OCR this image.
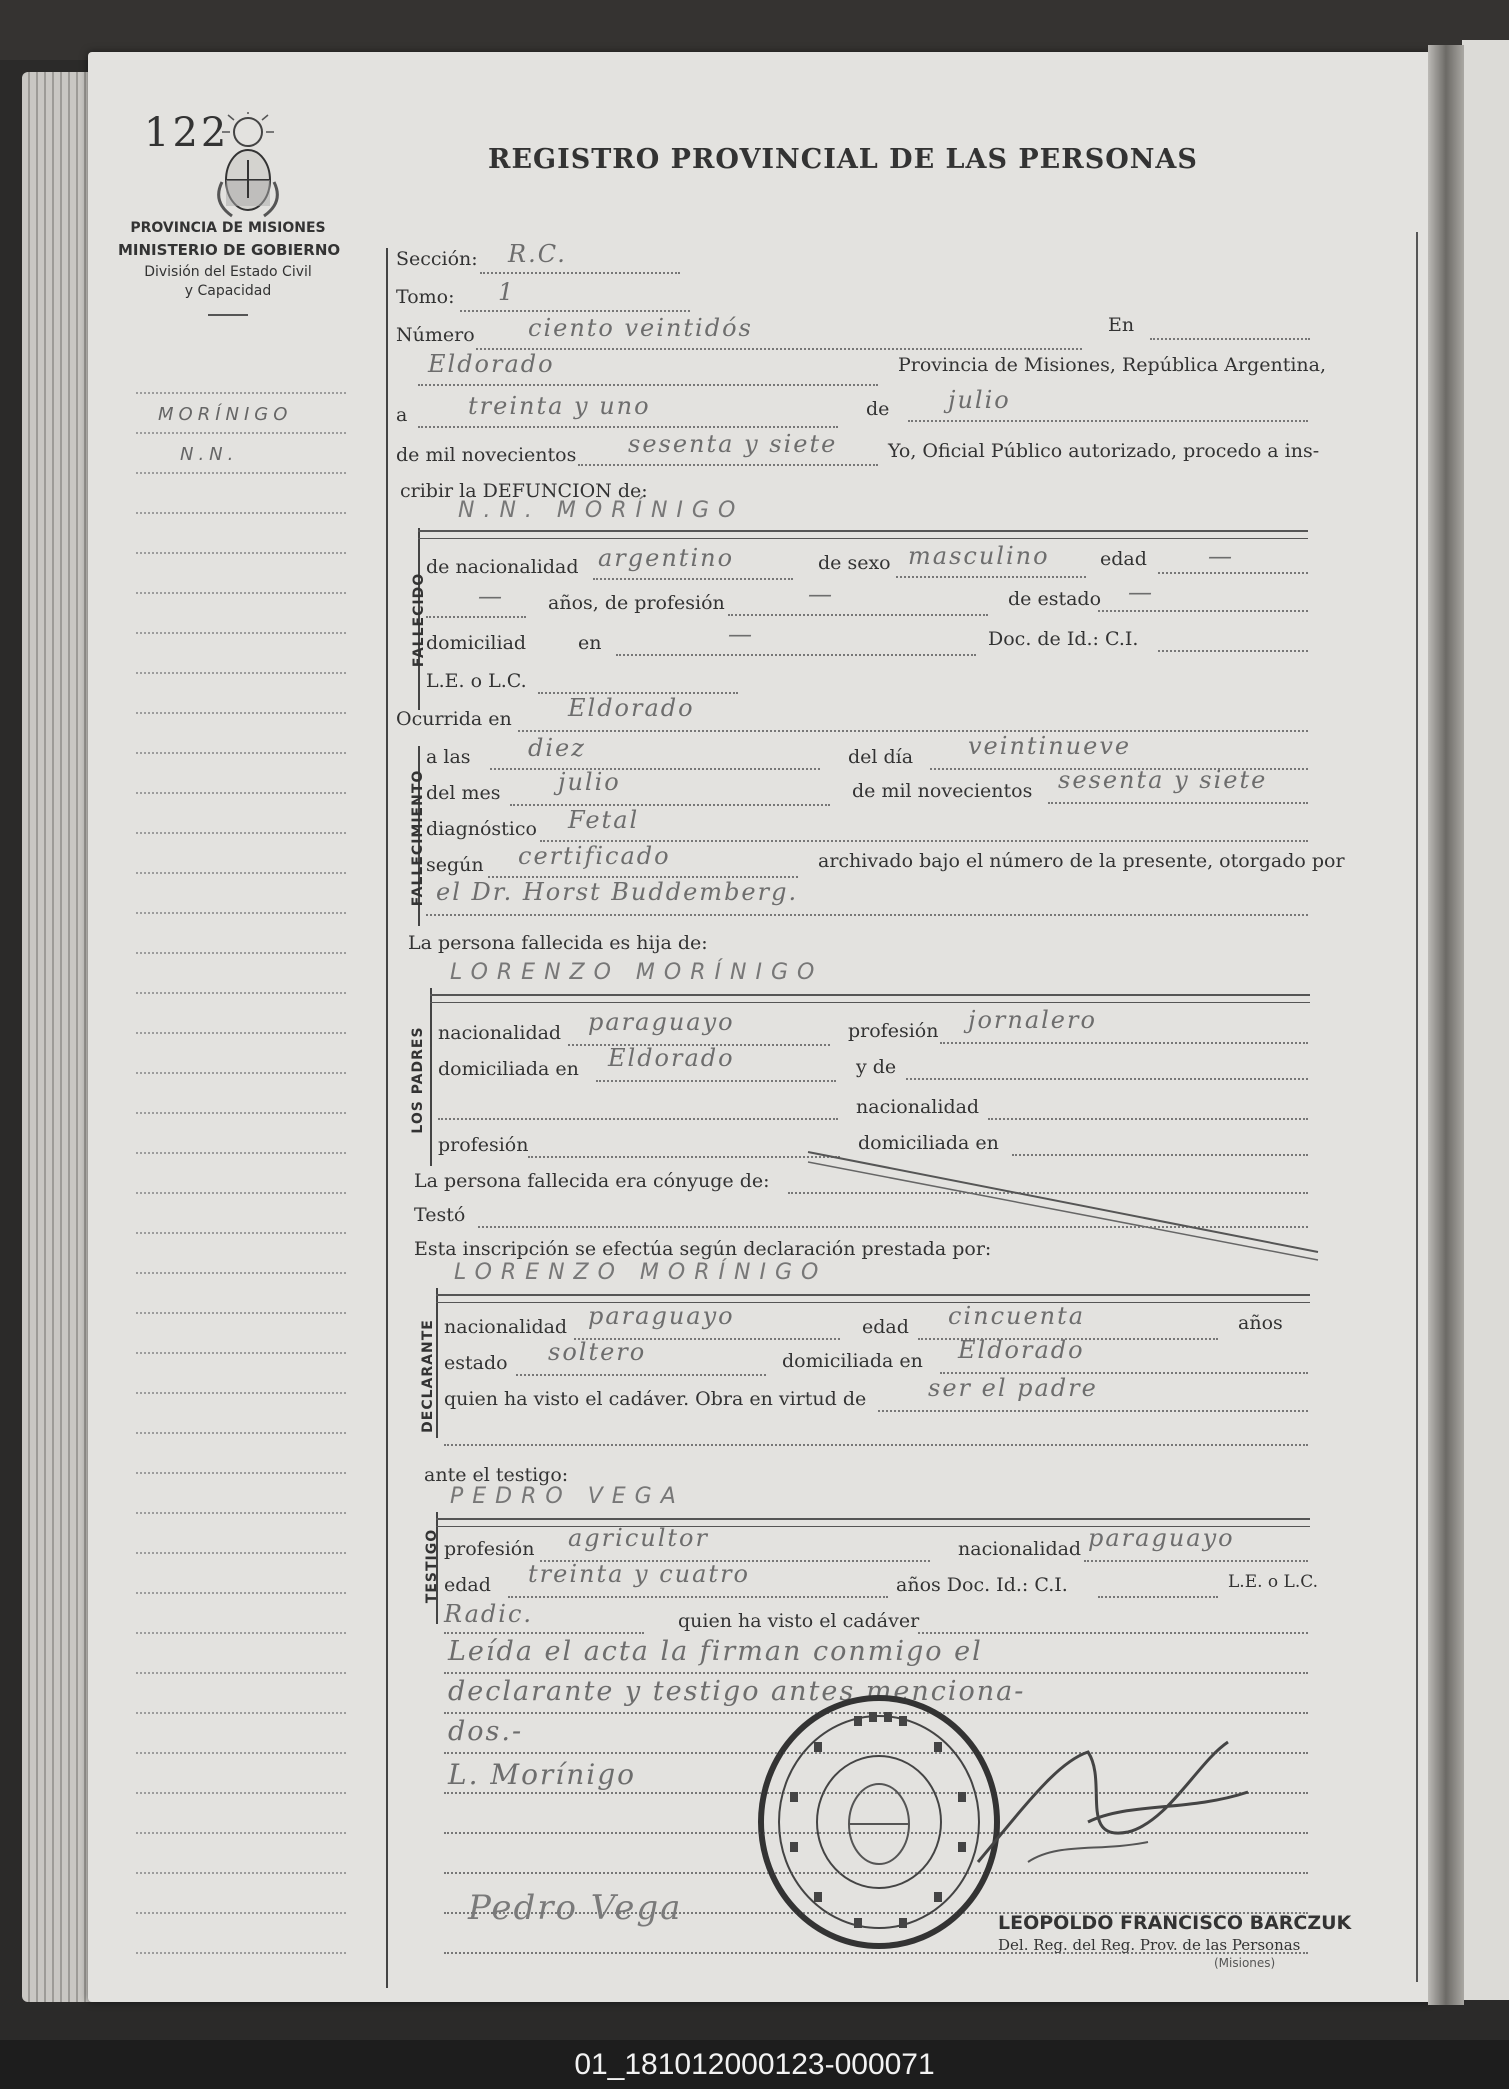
122
PROVINCIA DE MISIONES
MINISTERIO DE GOBIERNO
División del Estado Civil
y Capacidad
REGISTRO PROVINCIAL DE LAS PERSONAS
MORÍNIGO
N.N.
Sección: R.C.
Tomo: 1
Número ciento veintidós	En
Eldorado	Provincia de Misiones, República Argentina,
a	treinta y uno	de julio
de mil novecientos sesenta y siete	Yo, Oficial Público autorizado, procedo a ins-
cribir la DEFUNCION de:
FALLECIDO
N.N. MORÍNIGO
de nacionalidad argentino	de sexo masculino	edad	—
— años, de profesión	—	de estado —
domiciliad	en	—	Doc. de Id.: C.I.
L.E. o L.C.
Ocurrida en Eldorado
FALLECIMIENTO
a las diez	del día veintinueve
del mes julio	de mil novecientos sesenta y siete
diagnóstico Fetal
según certificado	archivado bajo el número de la presente, otorgado por
el Dr. Horst Buddemberg.
La persona fallecida es hija de:
LOS PADRES
LORENZO MORÍNIGO
nacionalidad paraguayo	profesión jornalero
domiciliada en Eldorado	y de
nacionalidad
profesión	domiciliada en
La persona fallecida era cónyuge de:
Testó
Esta inscripción se efectúa según declaración prestada por:
DECLARANTE
LORENZO MORÍNIGO
nacionalidad paraguayo	edad cincuenta	años
estado soltero	domiciliada en Eldorado
quien ha visto el cadáver. Obra en virtud de	ser el padre
ante el testigo:
TESTIGO
PEDRO VEGA
profesión agricultor	nacionalidad paraguayo
edad treinta y cuatro	años Doc. Id.: C.I.	L.E. o L.C.
Radic.	quien ha visto el cadáver
Leída el acta la firman conmigo el
declarante y testigo antes menciona-
dos.-
L. Morínigo
Pedro Vega	LEOPOLDO FRANCISCO BARCZUK
Del. Reg. del Reg. Prov. de las Personas
(Misiones)
01_181012000123-000071
